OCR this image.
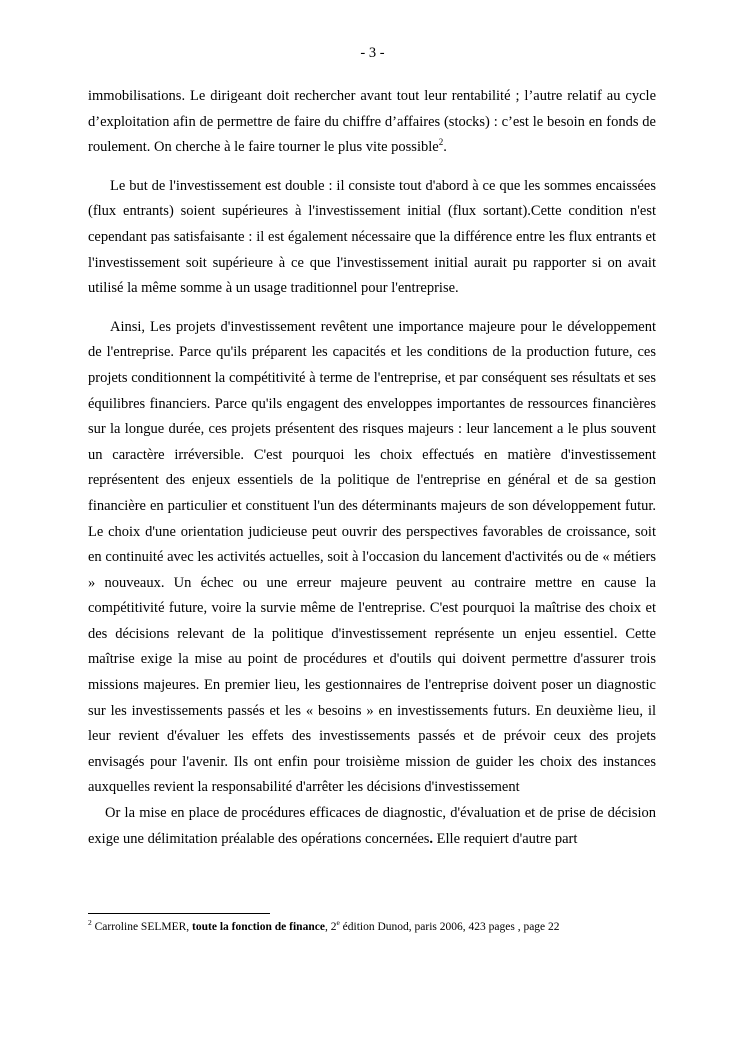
- 3 -

immobilisations. Le dirigeant doit rechercher avant tout leur rentabilité ; l’autre relatif au cycle d’exploitation afin de permettre de faire du chiffre d’affaires (stocks) : c’est le besoin en fonds de roulement. On cherche à le faire tourner le plus vite possible$^2$.

Le but de l'investissement est double : il consiste tout d'abord à ce que les sommes encaissées (flux entrants) soient supérieures à l'investissement initial (flux sortant).Cette condition n'est cependant pas satisfaisante : il est également nécessaire que la différence entre les flux entrants et l'investissement soit supérieure à ce que l'investissement initial aurait pu rapporter si on avait utilisé la même somme à un usage traditionnel pour l'entreprise.

Ainsi, Les projets d'investissement revêtent une importance majeure pour le développement de l'entreprise. Parce qu'ils préparent les capacités et les conditions de la production future, ces projets conditionnent la compétitivité à terme de l'entreprise, et par conséquent ses résultats et ses équilibres financiers. Parce qu'ils engagent des enveloppes importantes de ressources financières sur la longue durée, ces projets présentent des risques majeurs : leur lancement a le plus souvent un caractère irréversible. C'est pourquoi les choix effectués en matière d'investissement représentent des enjeux essentiels de la politique de l'entreprise en général et de sa gestion financière en particulier et constituent l'un des déterminants majeurs de son développement futur. Le choix d'une orientation judicieuse peut ouvrir des perspectives favorables de croissance, soit en continuité avec les activités actuelles, soit à l'occasion du lancement d'activités ou de « métiers » nouveaux. Un échec ou une erreur majeure peuvent au contraire mettre en cause la compétitivité future, voire la survie même de l'entreprise. C'est pourquoi la maîtrise des choix et des décisions relevant de la politique d'investissement représente un enjeu essentiel. Cette maîtrise exige la mise au point de procédures et d'outils qui doivent permettre d'assurer trois missions majeures. En premier lieu, les gestionnaires de l'entreprise doivent poser un diagnostic sur les investissements passés et les « besoins » en investissements futurs. En deuxième lieu, il leur revient d'évaluer les effets des investissements passés et de prévoir ceux des projets envisagés pour l'avenir. Ils ont enfin pour troisième mission de guider les choix des instances auxquelles revient la responsabilité d'arrêter les décisions d'investissement

Or la mise en place de procédures efficaces de diagnostic, d'évaluation et de prise de décision exige une délimitation préalable des opérations concernées. Elle requiert d'autre part

$^2$ Carroline SELMER, toute la fonction de finance, 2e édition Dunod, paris 2006, 423 pages , page 22
